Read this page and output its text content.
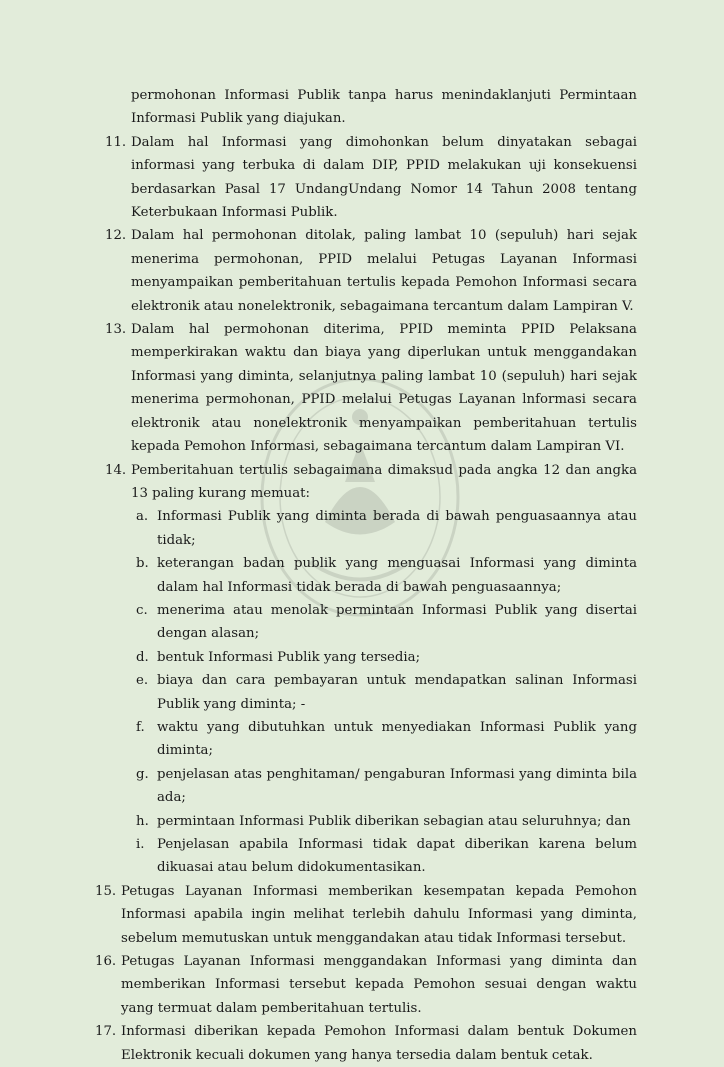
permohonan Informasi Publik tanpa harus menindaklanjuti Permintaan Informasi Publik yang diajukan.

11. Dalam hal Informasi yang dimohonkan belum dinyatakan sebagai informasi yang terbuka di dalam DIP, PPID melakukan uji konsekuensi berdasarkan Pasal 17 UndangUndang Nomor 14 Tahun 2008 tentang Keterbukaan Informasi Publik.
12. Dalam hal permohonan ditolak, paling lambat 10 (sepuluh) hari sejak menerima permohonan, PPID melalui Petugas Layanan Informasi menyampaikan pemberitahuan tertulis kepada Pemohon Informasi secara elektronik atau nonelektronik, sebagaimana tercantum dalam Lampiran V.
13. Dalam hal permohonan diterima, PPID meminta PPID Pelaksana memperkirakan waktu dan biaya yang diperlukan untuk menggandakan Informasi yang diminta, selanjutnya paling lambat 10 (sepuluh) hari sejak menerima permohonan, PPID melalui Petugas Layanan lnformasi secara elektronik atau nonelektronik menyampaikan pemberitahuan tertulis kepada Pemohon Informasi, sebagaimana tercantum dalam Lampiran VI.
14. Pemberitahuan tertulis sebagaimana dimaksud pada angka 12 dan angka 13 paling kurang memuat:
a. Informasi Publik yang diminta berada di bawah penguasaannya atau tidak;
b. keterangan badan publik yang menguasai Informasi yang diminta dalam hal Informasi tidak berada di bawah penguasaannya;
c. menerima atau menolak permintaan Informasi Publik yang disertai dengan alasan;
d. bentuk Informasi Publik yang tersedia;
e. biaya dan cara pembayaran untuk mendapatkan salinan Informasi Publik yang diminta; -
f. waktu yang dibutuhkan untuk menyediakan Informasi Publik yang diminta;
g. penjelasan atas penghitaman/ pengaburan Informasi yang diminta bila ada;
h. permintaan Informasi Publik diberikan sebagian atau seluruhnya; dan
i. Penjelasan apabila Informasi tidak dapat diberikan karena belum dikuasai atau belum didokumentasikan.
15. Petugas Layanan Informasi memberikan kesempatan kepada Pemohon Informasi apabila ingin melihat terlebih dahulu Informasi yang diminta, sebelum memutuskan untuk menggandakan atau tidak Informasi tersebut.
16. Petugas Layanan Informasi menggandakan Informasi yang diminta dan memberikan Informasi tersebut kepada Pemohon sesuai dengan waktu yang termuat dalam pemberitahuan tertulis.
17. Informasi diberikan kepada Pemohon Informasi dalam bentuk Dokumen Elektronik kecuali dokumen yang hanya tersedia dalam bentuk cetak.
